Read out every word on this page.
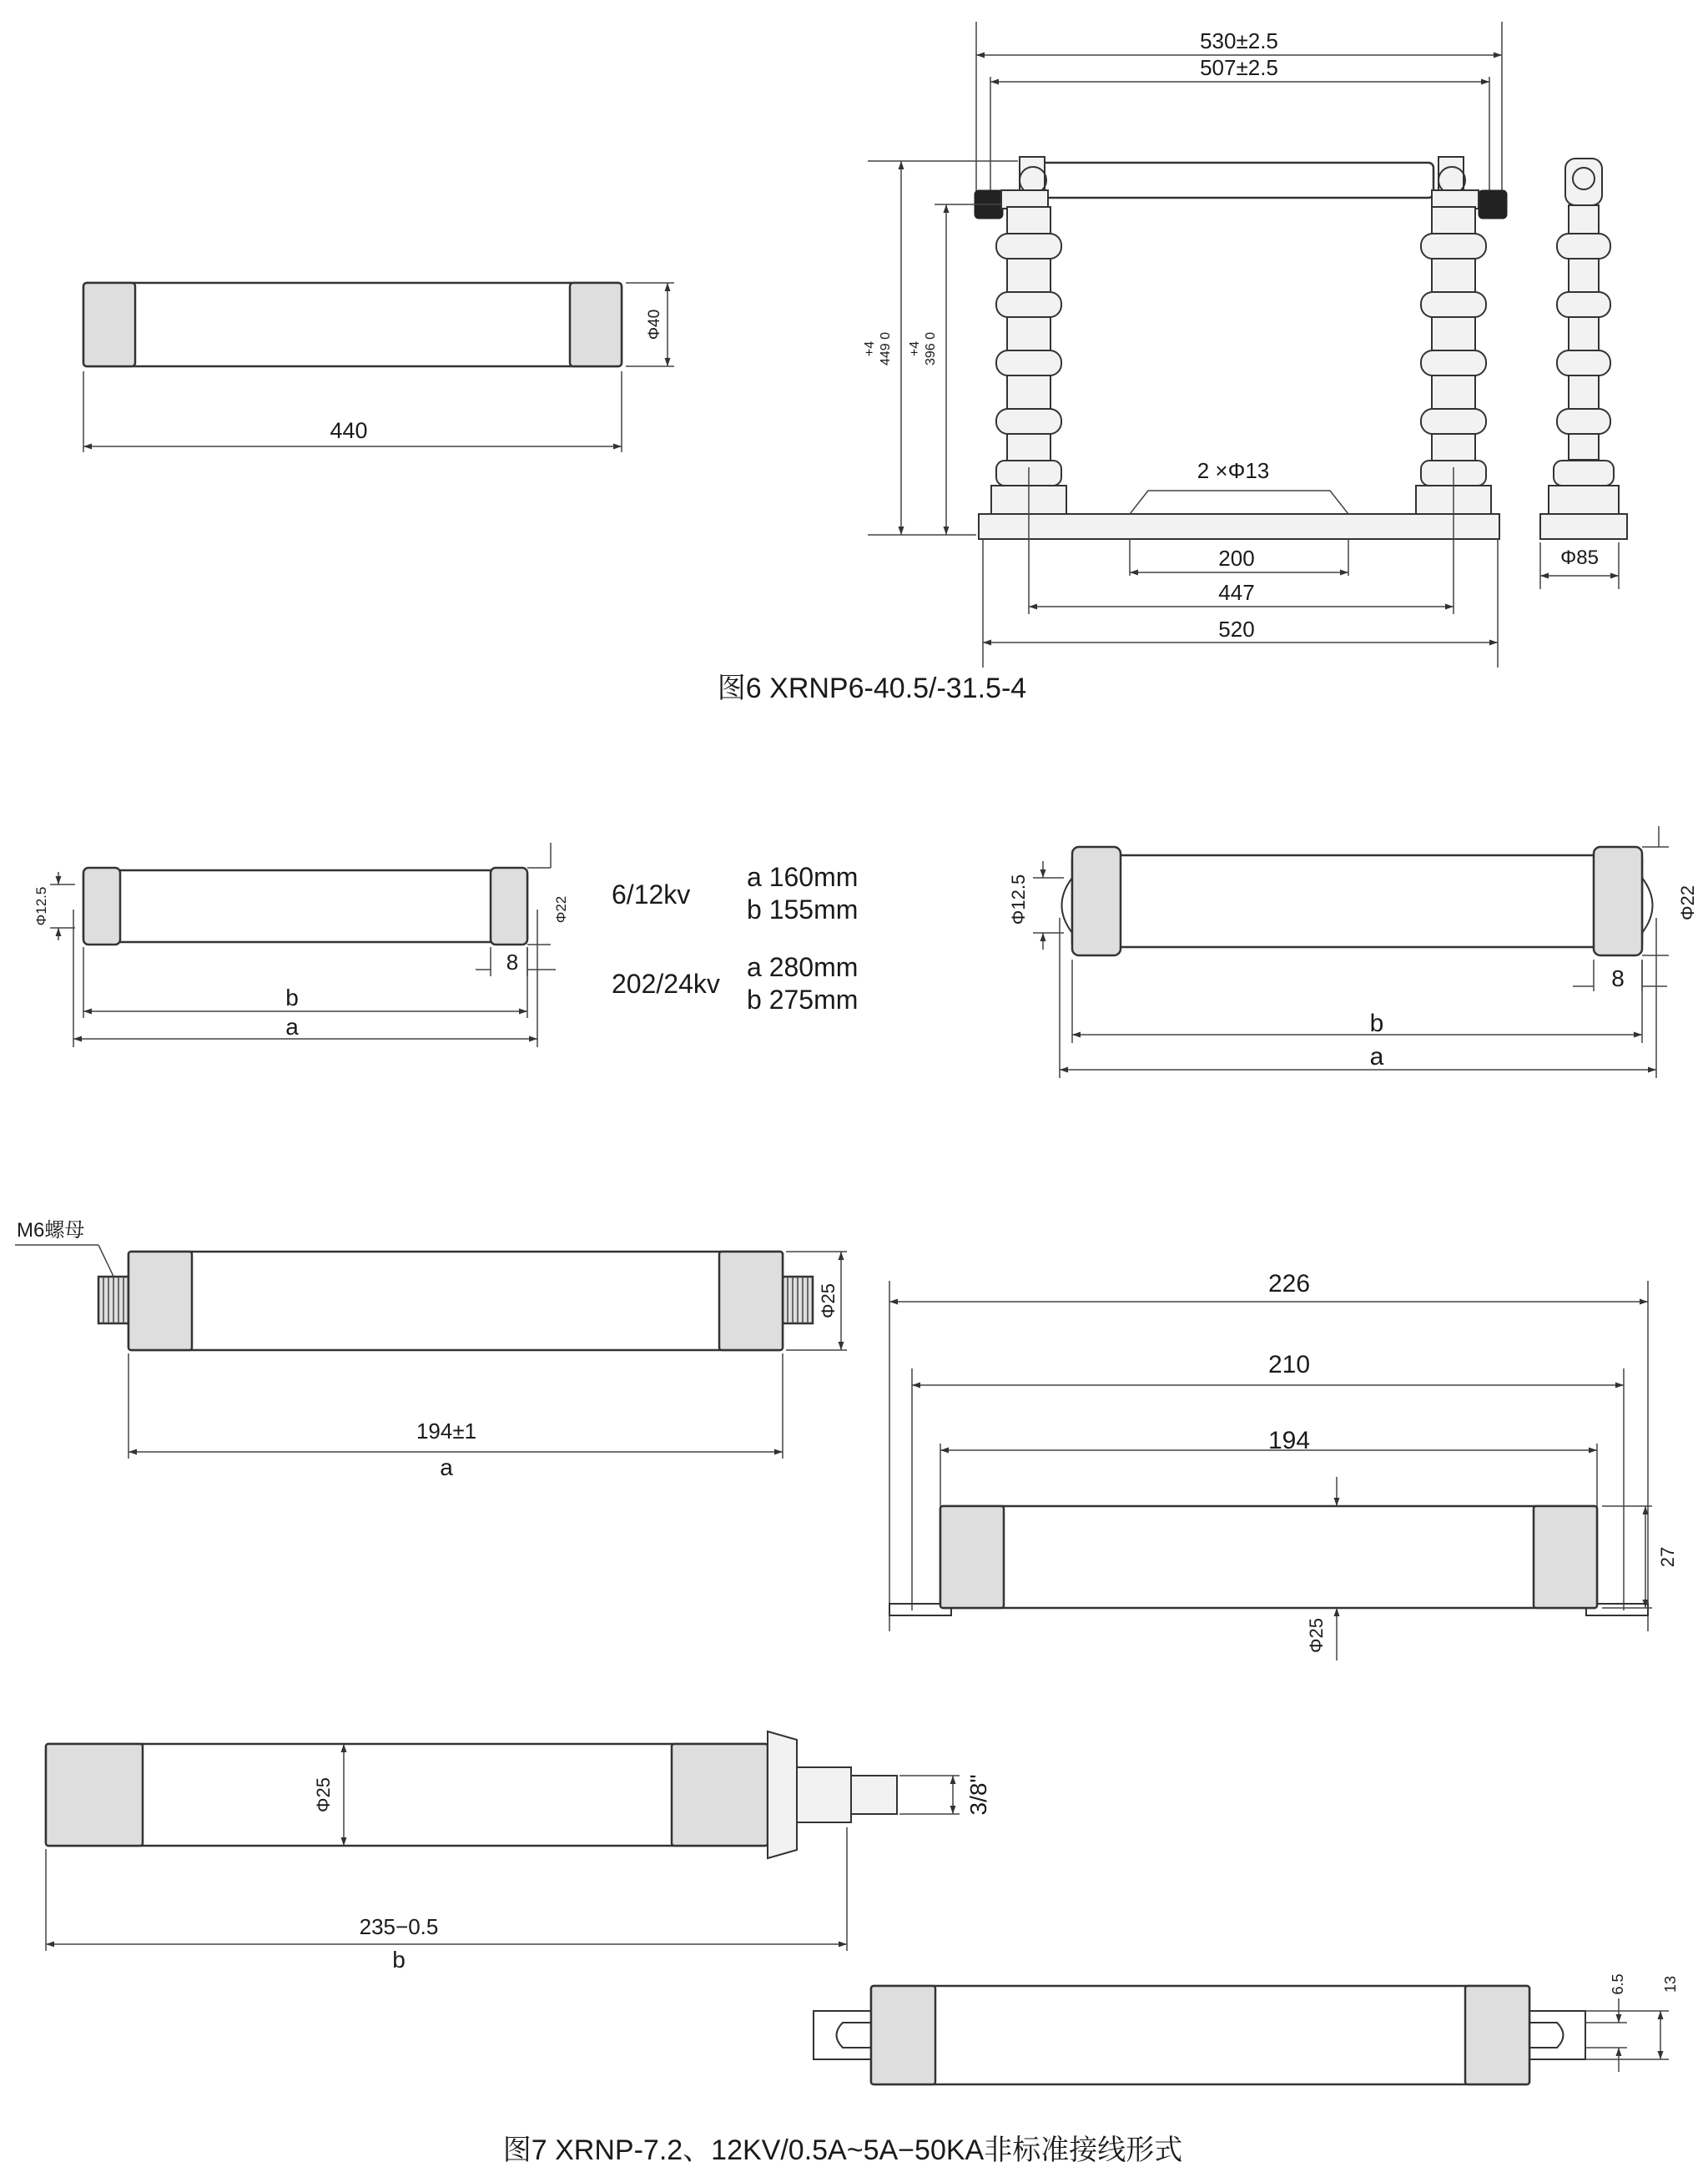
440
Φ40
530±2.5
507±2.5
2 ×Φ13
+4 449 0 +4 396 0
200
447
520
Φ85
图6 XRNP6-40.5/-31.5-4
Φ12.5	Φ22
8
b
a
6/12kv
a 160mm
b 155mm
202/24kv
a 280mm
b 275mm
Φ12.5	Φ22
8
b
a
M6螺母
Φ25
194±1
a
226
210
194
Φ25
27
3/8"
Φ25
235−0.5
b
6.5 13
图7 XRNP-7.2、12KV/0.5A~5A−50KA非标准接线形式
